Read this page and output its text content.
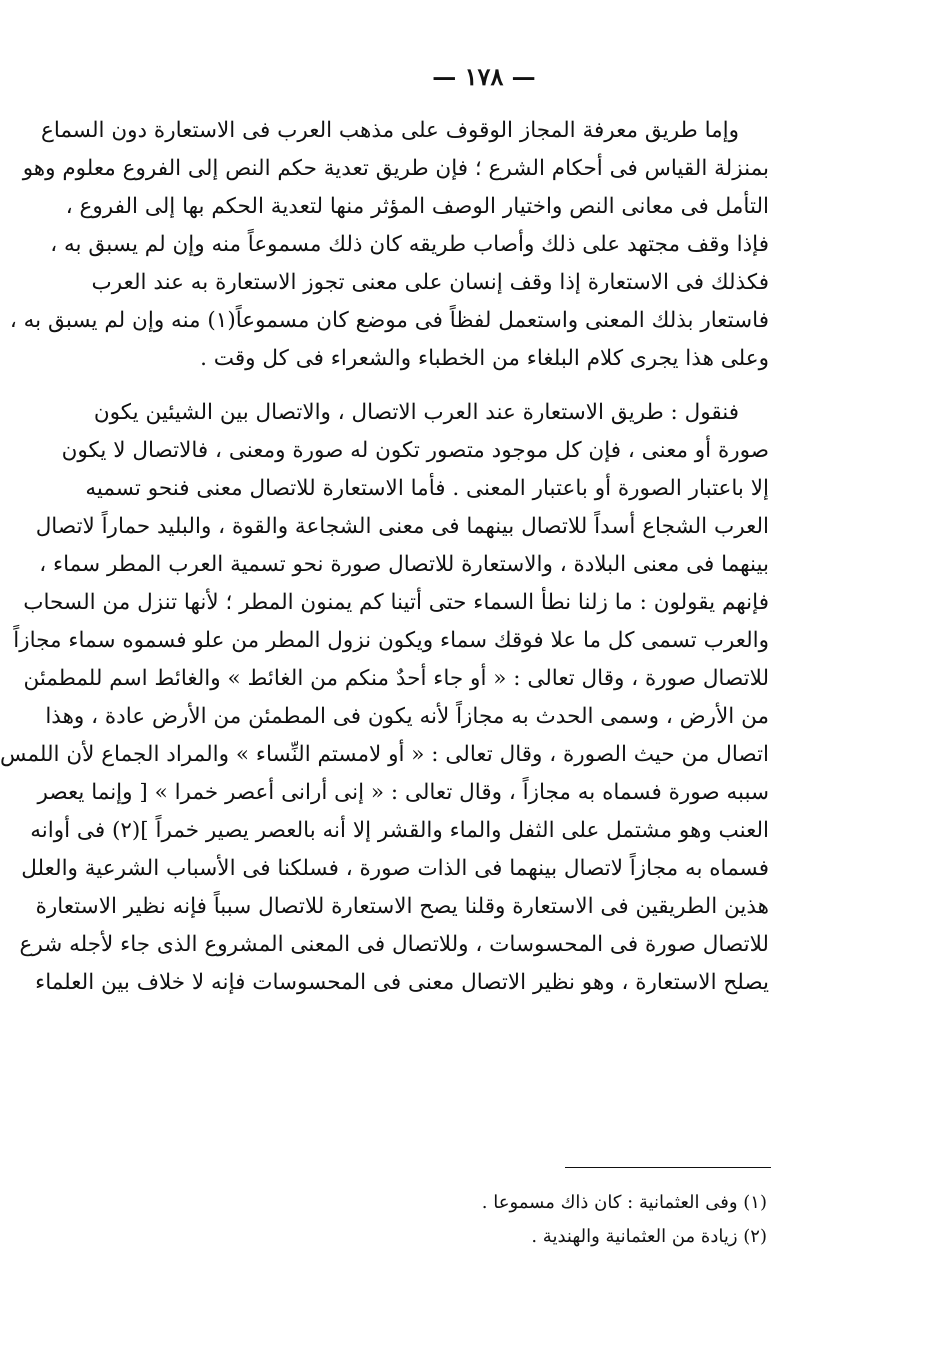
— ١٧٨ —
وإما طريق معرفة المجاز الوقوف على مذهب العرب فى الاستعارة دون السماع
بمنزلة القياس فى أحكام الشرع ؛ فإن طريق تعدية حكم النص إلى الفروع معلوم وهو
التأمل فى معانى النص واختيار الوصف المؤثر منها لتعدية الحكم بها إلى الفروع ،
فإذا وقف مجتهد على ذلك وأصاب طريقه كان ذلك مسموعاً منه وإن لم يسبق به ،
فكذلك فى الاستعارة إذا وقف إنسان على معنى تجوز الاستعارة به عند العرب
فاستعار بذلك المعنى واستعمل لفظاً فى موضع كان مسموعاً(١) منه وإن لم يسبق به ،
وعلى هذا يجرى كلام البلغاء من الخطباء والشعراء فى كل وقت .
فنقول : طريق الاستعارة عند العرب الاتصال ، والاتصال بين الشيئين يكون
صورة أو معنى ، فإن كل موجود متصور تكون له صورة ومعنى ، فالاتصال لا يكون
إلا باعتبار الصورة أو باعتبار المعنى . فأما الاستعارة للاتصال معنى فنحو تسميه
العرب الشجاع أسداً للاتصال بينهما فى معنى الشجاعة والقوة ، والبليد حماراً لاتصال
بينهما فى معنى البلادة ، والاستعارة للاتصال صورة نحو تسمية العرب المطر سماء ،
فإنهم يقولون : ما زلنا نطأ السماء حتى أتينا كم يمنون المطر ؛ لأنها تنزل من السحاب
والعرب تسمى كل ما علا فوقك سماء ويكون نزول المطر من علو فسموه سماء مجازاً
للاتصال صورة ، وقال تعالى : « أو جاء أحدٌ منكم من الغائط » والغائط اسم للمطمئن
من الأرض ، وسمى الحدث به مجازاً لأنه يكون فى المطمئن من الأرض عادة ، وهذا
اتصال من حيث الصورة ، وقال تعالى : « أو لامستم النِّساء » والمراد الجماع لأن اللمس
سببه صورة فسماه به مجازاً ، وقال تعالى : « إنى أرانى أعصر خمرا » [ وإنما يعصر
العنب وهو مشتمل على الثفل والماء والقشر إلا أنه بالعصر يصير خمراً ](٢) فى أوانه
فسماه به مجازاً لاتصال بينهما فى الذات صورة ، فسلكنا فى الأسباب الشرعية والعلل
هذين الطريقين فى الاستعارة وقلنا يصح الاستعارة للاتصال سبباً فإنه نظير الاستعارة
للاتصال صورة فى المحسوسات ، وللاتصال فى المعنى المشروع الذى جاء لأجله شرع
يصلح الاستعارة ، وهو نظير الاتصال معنى فى المحسوسات فإنه لا خلاف بين العلماء
(١) وفى العثمانية : كان ذاك مسموعا .
(٢) زيادة من العثمانية والهندية .
